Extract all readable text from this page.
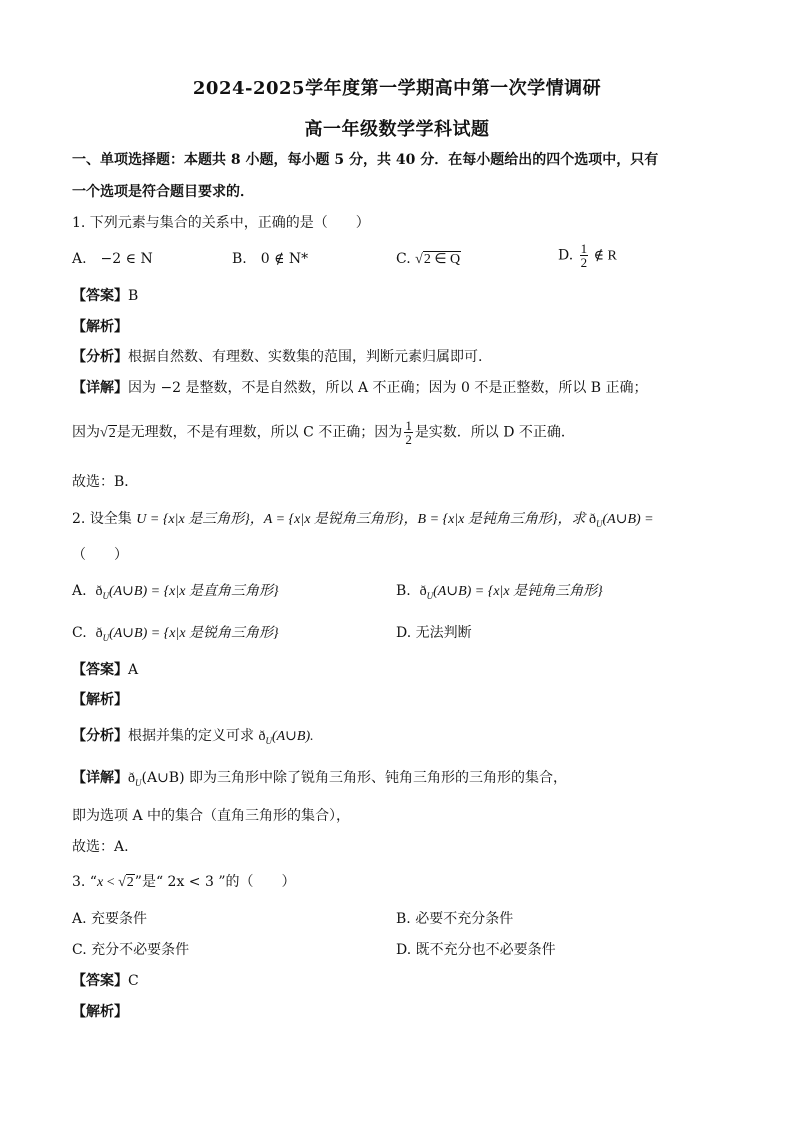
2024-2025学年度第一学期高中第一次学情调研
高一年级数学学科试题
一、单项选择题：本题共 8 小题，每小题 5 分，共 40 分．在每小题给出的四个选项中，只有
一个选项是符合题目要求的．
1. 下列元素与集合的关系中，正确的是（　　）
A.　−2 ∈ N	B.　0 ∉ N*	C. √2 ∈ Q	D. $\frac{1}{2}$ ∉ R
【答案】B
【解析】
【分析】根据自然数、有理数、实数集的范围，判断元素归属即可.
【详解】因为 −2 是整数，不是自然数，所以 A 不正确；因为 0 不是正整数，所以 B 正确；
因为√2是无理数，不是有理数，所以 C 不正确；因为 $\frac{1}{2}$ 是实数．所以 D 不正确．
故选：B．
2. 设全集 U = {x|x 是三角形}，A = {x|x 是锐角三角形}，B = {x|x 是钝角三角形}，求 $ð_U(A\cup B)$ =
（　　）
A.  $ð_U(A\cup B) = \{x|x$ 是直角三角形}	B.  $ð_U(A\cup B) = \{x|x$ 是钝角三角形}
C.  $ð_U(A\cup B) = \{x|x$ 是锐角三角形}	D. 无法判断
【答案】A
【解析】
【分析】根据并集的定义可求 $ð_U(A\cup B)$.
【详解】$ð_U(A\cup B)$ 即为三角形中除了锐角三角形、钝角三角形的三角形的集合，
即为选项 A 中的集合（直角三角形的集合），
故选：A.
3. “x < √2”是“ 2x < 3 ”的（　　）
A. 充要条件	B. 必要不充分条件
C. 充分不必要条件	D. 既不充分也不必要条件
【答案】C
【解析】
